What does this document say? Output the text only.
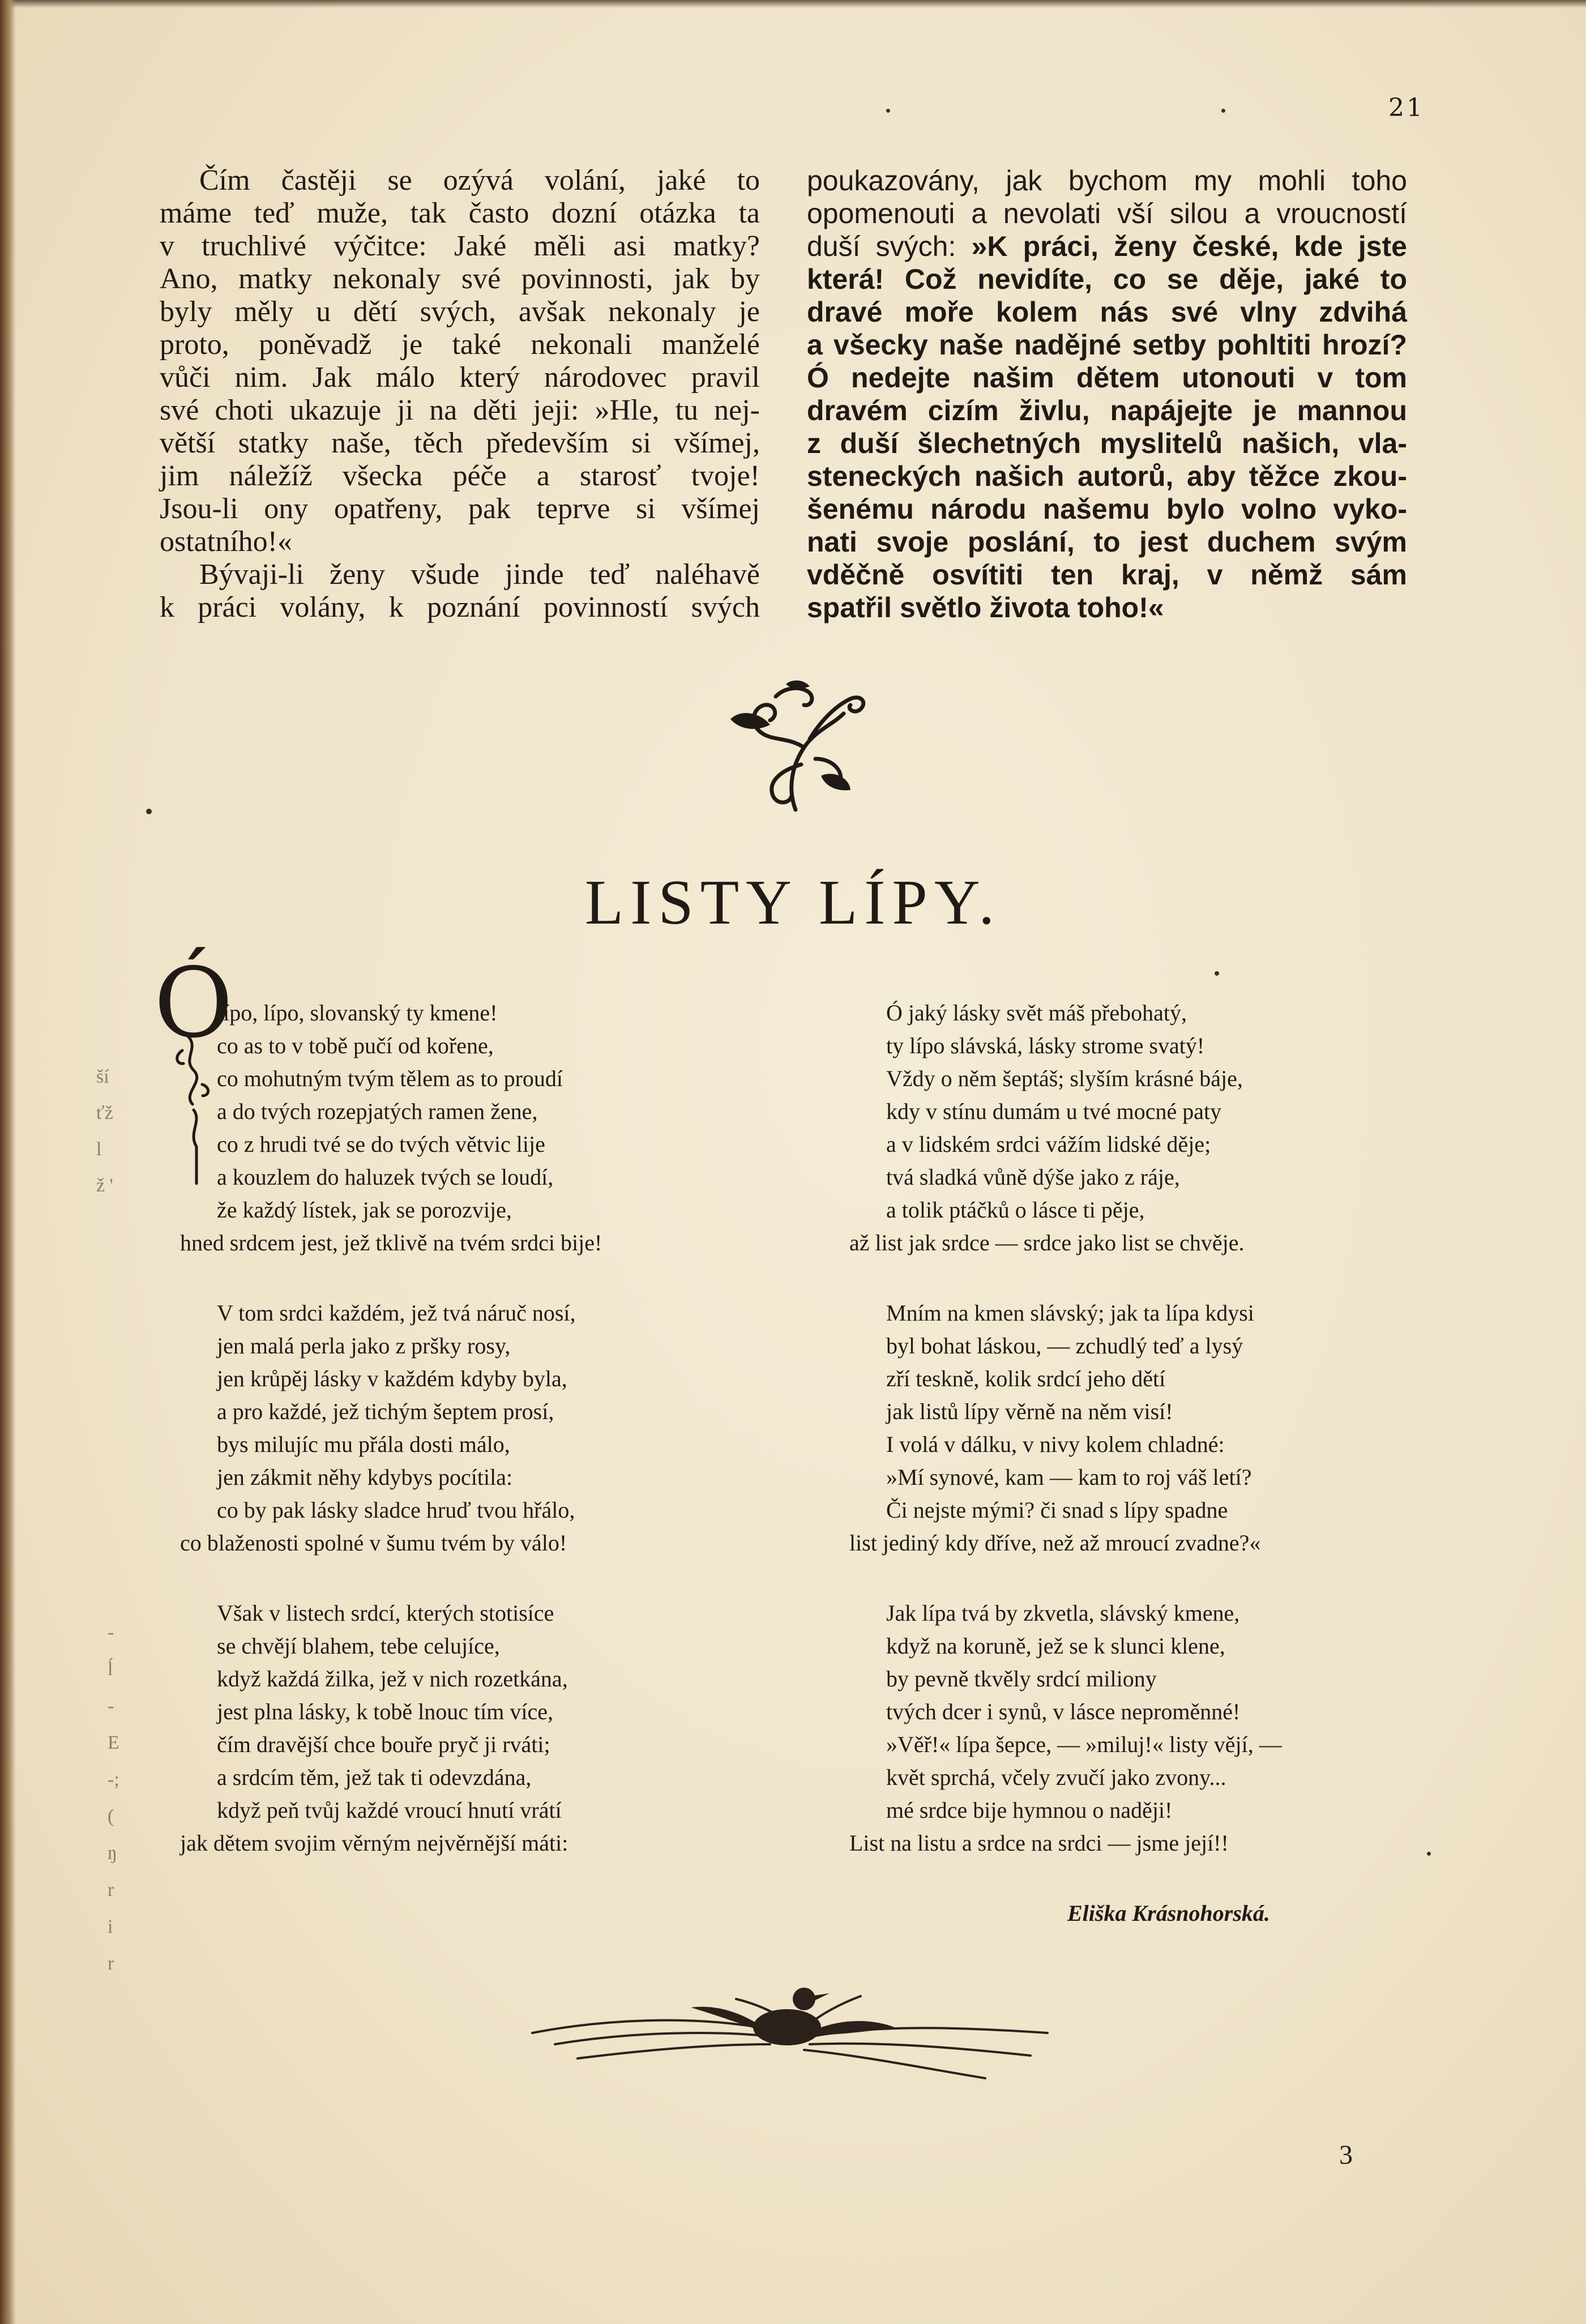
21
Čím častěji se ozývá volání, jaké to
máme teď muže, tak často dozní otázka ta
v truchlivé výčitce: Jaké měli asi matky?
Ano, matky nekonaly své povinnosti, jak by
byly měly u dětí svých, avšak nekonaly je
proto, poněvadž je také nekonali manželé
vůči nim. Jak málo který národovec pravil
své choti ukazuje ji na děti jeji: »Hle, tu nej-
větší statky naše, těch především si všímej,
jim náležíž všecka péče a starosť tvoje!
Jsou-li ony opatřeny, pak teprve si všímej
ostatního!«
Bývaji-li ženy všude jinde teď naléhavě
k práci volány, k poznání povinností svých
poukazovány, jak bychom my mohli toho
opomenouti a nevolati vší silou a vroucností
duší svých: »K práci, ženy české, kde jste
která! Což nevidíte, co se děje, jaké to
dravé moře kolem nás své vlny zdvihá
a všecky naše nadějné setby pohltiti hrozí?
Ó nedejte našim dětem utonouti v tom
dravém cizím živlu, napájejte je mannou
z duší šlechetných myslitelů našich, vla-
steneckých našich autorů, aby těžce zkou-
šenému národu našemu bylo volno vyko-
nati svoje poslání, to jest duchem svým
vděčně osvítiti ten kraj, v němž sám
spatřil světlo života toho!«
LISTY LÍPY.
Ó
ší
ťž
l
ž '
-
ĺ
-
E
-;
(
ŋ
r
i
r
lípo, lípo, slovanský ty kmene!
co as to v tobě pučí od kořene,
co mohutným tvým tělem as to proudí
a do tvých rozepjatých ramen žene,
co z hrudi tvé se do tvých větvic lije
a kouzlem do haluzek tvých se loudí,
že každý lístek, jak se porozvije,
hned srdcem jest, jež tklivě na tvém srdci bije!
V tom srdci každém, jež tvá náruč nosí,
jen malá perla jako z pršky rosy,
jen krůpěj lásky v každém kdyby byla,
a pro každé, jež tichým šeptem prosí,
bys milujíc mu přála dosti málo,
jen zákmit něhy kdybys pocítila:
co by pak lásky sladce hruď tvou hřálo,
co blaženosti spolné v šumu tvém by válo!
Však v listech srdcí, kterých stotisíce
se chvějí blahem, tebe celujíce,
když každá žilka, jež v nich rozetkána,
jest plna lásky, k tobě lnouc tím více,
čím dravější chce bouře pryč ji rváti;
a srdcím těm, jež tak ti odevzdána,
když peň tvůj každé vroucí hnutí vrátí
jak dětem svojim věrným nejvěrnější máti:
Ó jaký lásky svět máš přebohatý,
ty lípo slávská, lásky strome svatý!
Vždy o něm šeptáš; slyším krásné báje,
kdy v stínu dumám u tvé mocné paty
a v lidském srdci vážím lidské děje;
tvá sladká vůně dýše jako z ráje,
a tolik ptáčků o lásce ti pěje,
až list jak srdce — srdce jako list se chvěje.
Mním na kmen slávský; jak ta lípa kdysi
byl bohat láskou, — zchudlý teď a lysý
zří teskně, kolik srdcí jeho dětí
jak listů lípy věrně na něm visí!
I volá v dálku, v nivy kolem chladné:
»Mí synové, kam — kam to roj váš letí?
Či nejste mými? či snad s lípy spadne
list jediný kdy dříve, než až mroucí zvadne?«
Jak lípa tvá by zkvetla, slávský kmene,
když na koruně, jež se k slunci klene,
by pevně tkvěly srdcí miliony
tvých dcer i synů, v lásce neproměnné!
»Věř!« lípa šepce, — »miluj!« listy vějí, —
květ sprchá, včely zvučí jako zvony...
mé srdce bije hymnou o naději!
List na listu a srdce na srdci — jsme její!!
Eliška Krásnohorská.
3
